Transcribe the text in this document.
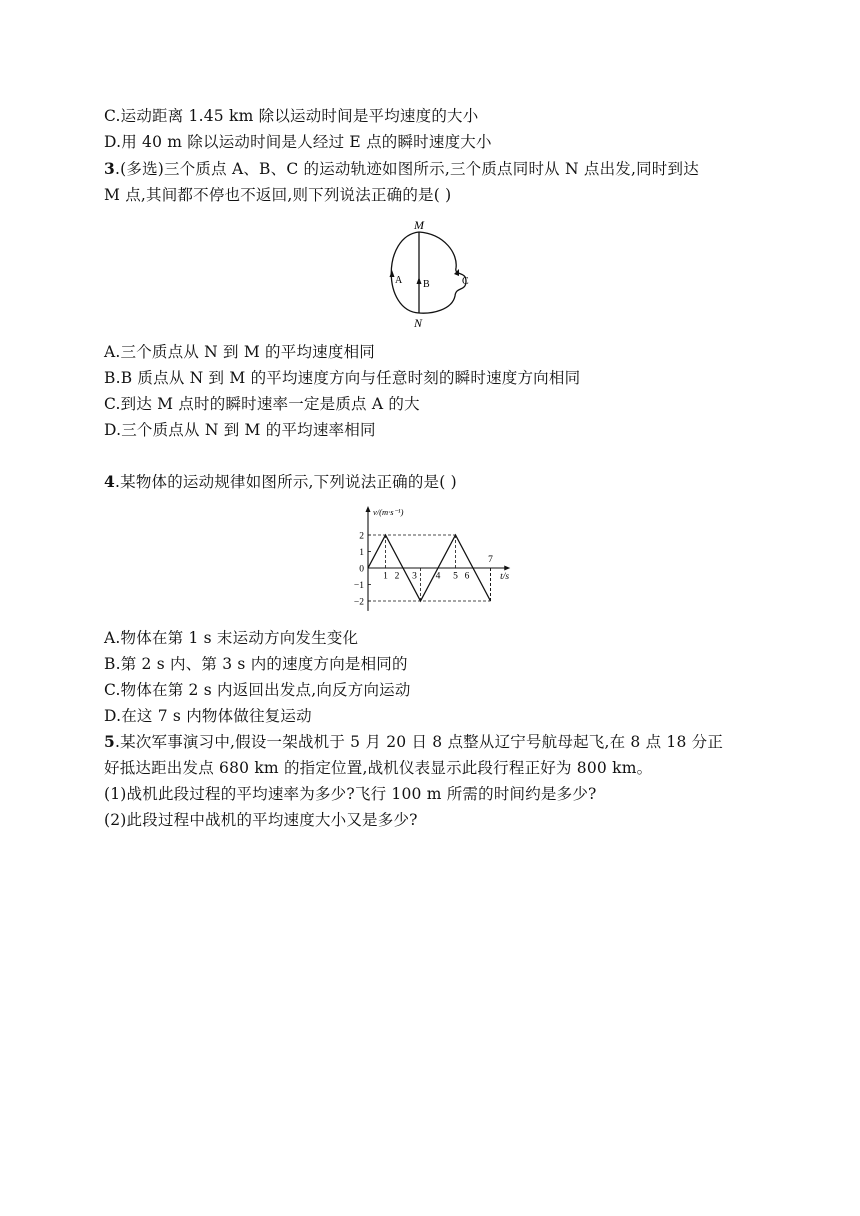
C.运动距离 1.45 km 除以运动时间是平均速度的大小
D.用 40 m 除以运动时间是人经过 E 点的瞬时速度大小
3.(多选)三个质点 A、B、C 的运动轨迹如图所示,三个质点同时从 N 点出发,同时到达
M 点,其间都不停也不返回,则下列说法正确的是( )
M
N
A B	C
A.三个质点从 N 到 M 的平均速度相同
B.B 质点从 N 到 M 的平均速度方向与任意时刻的瞬时速度方向相同
C.到达 M 点时的瞬时速率一定是质点 A 的大
D.三个质点从 N 到 M 的平均速率相同
4.某物体的运动规律如图所示,下列说法正确的是( )
2
1
0
−1
−2
1 2 3 4 5 6
7
v/(m·s⁻¹)
t/s
A.物体在第 1 s 末运动方向发生变化
B.第 2 s 内、第 3 s 内的速度方向是相同的
C.物体在第 2 s 内返回出发点,向反方向运动
D.在这 7 s 内物体做往复运动
5.某次军事演习中,假设一架战机于 5 月 20 日 8 点整从辽宁号航母起飞,在 8 点 18 分正
好抵达距出发点 680 km 的指定位置,战机仪表显示此段行程正好为 800 km。
(1)战机此段过程的平均速率为多少?飞行 100 m 所需的时间约是多少?
(2)此段过程中战机的平均速度大小又是多少?
